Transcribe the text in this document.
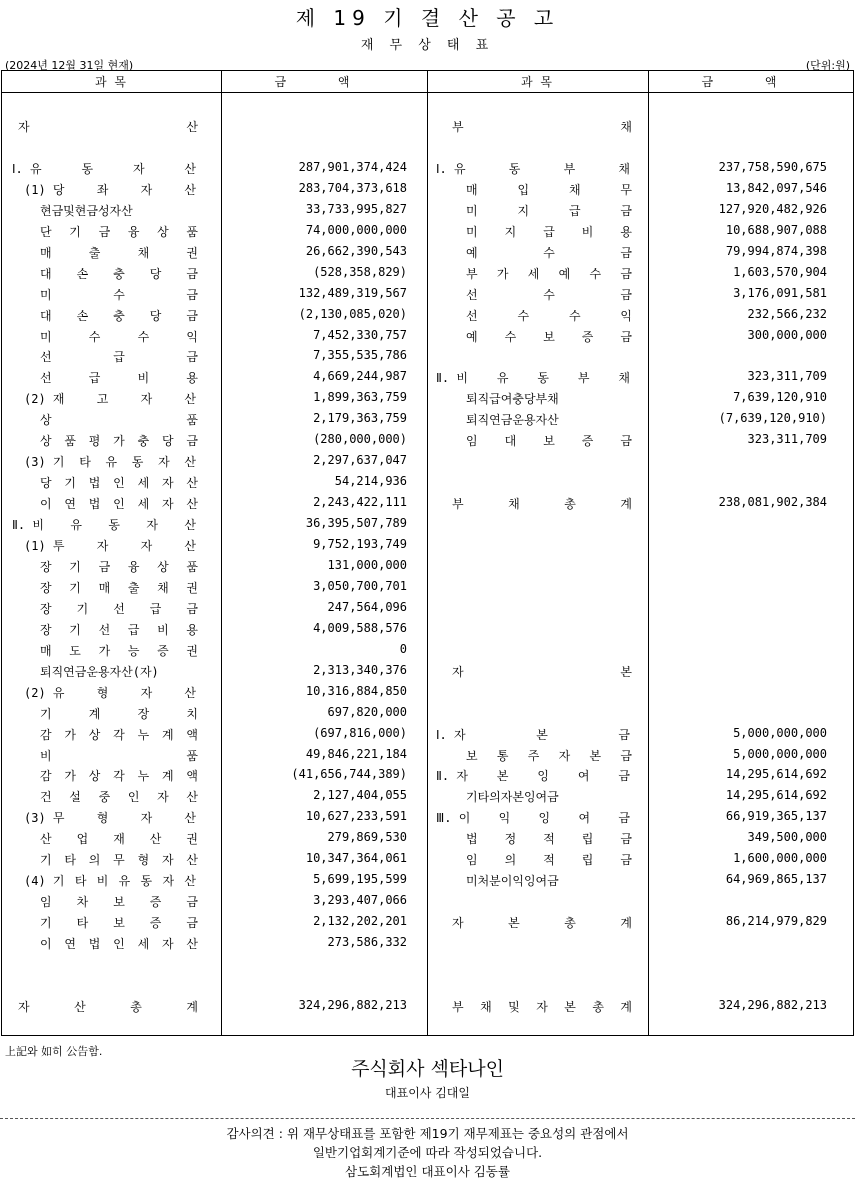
제 19 기 결 산 공 고
재 무 상 태 표
(2024년 12월 31일 현재)	(단위:원)
과 목	금 액	과 목	금 액
자	산	부	채
Ⅰ. 유	동	자	산	287,901,374,424 Ⅰ. 유	동	부	채	237,758,590,675
(1) 당	좌	자	산	283,704,373,618	매	입	채	무	13,842,097,546
현금및현금성자산	33,733,995,827	미	지	급	금	127,920,482,926
단 기 금 융 상 품	74,000,000,000	미 지 급 비 용	10,688,907,088
매	출	채	권	26,662,390,543	예	수	금	79,994,874,398
대 손 충 당 금	(528,358,829)	부 가 세 예 수 금	1,603,570,904
미	수	금	132,489,319,567	선	수	금	3,176,091,581
대 손 충 당 금	(2,130,085,020)	선	수	수	익	232,566,232
미	수	수	익	7,452,330,757	예 수 보 증 금	300,000,000
선	급	금	7,355,535,786
선	급	비	용	4,669,244,987 Ⅱ. 비 유 동 부 채	323,311,709
(2) 재	고	자	산	1,899,363,759	퇴직급여충당부채	7,639,120,910
상	품	2,179,363,759	퇴직연금운용자산	(7,639,120,910)
상 품 평 가 충 당 금	(280,000,000)	임 대 보 증 금	323,311,709
(3) 기 타 유 동 자 산	2,297,637,047
당 기 법 인 세 자 산	54,214,936
이 연 법 인 세 자 산	2,243,422,111	부	채	총	계	238,081,902,384
Ⅱ. 비 유 동 자 산	36,395,507,789
(1) 투	자	자	산	9,752,193,749
장 기 금 융 상 품	131,000,000
장 기 매 출 채 권	3,050,700,701
장 기 선 급 금	247,564,096
장 기 선 급 비 용	4,009,588,576
매 도 가 능 증 권	0
퇴직연금운용자산(자)	2,313,340,376	자	본
(2) 유	형	자	산	10,316,884,850
기	계	장	치	697,820,000
감 가 상 각 누 계 액	(697,816,000) Ⅰ. 자	본	금	5,000,000,000
비	품	49,846,221,184	보 통 주 자 본 금	5,000,000,000
감 가 상 각 누 계 액	(41,656,744,389) Ⅱ. 자 본 잉 여 금	14,295,614,692
건 설 중 인 자 산	2,127,404,055	기타의자본잉여금	14,295,614,692
(3) 무	형	자	산	10,627,233,591 Ⅲ. 이 익 잉 여 금	66,919,365,137
산 업 재 산 권	279,869,530	법 정 적 립 금	349,500,000
기 타 의 무 형 자 산	10,347,364,061	임 의 적 립 금	1,600,000,000
(4) 기 타 비 유 동 자 산	5,699,195,599	미처분이익잉여금	64,969,865,137
임 차 보 증 금	3,293,407,066
기 타 보 증 금	2,132,202,201	자	본	총	계	86,214,979,829
이 연 법 인 세 자 산	273,586,332
자	산	총	계	324,296,882,213	부 채 및 자 본 총 계	324,296,882,213
上記와 如히 公告함.
주식회사 섹타나인
대표이사 김대일
감사의견 : 위 재무상태표를 포함한 제19기 재무제표는 중요성의 관점에서
일반기업회계기준에 따라 작성되었습니다.
삼도회계법인 대표이사 김동률
